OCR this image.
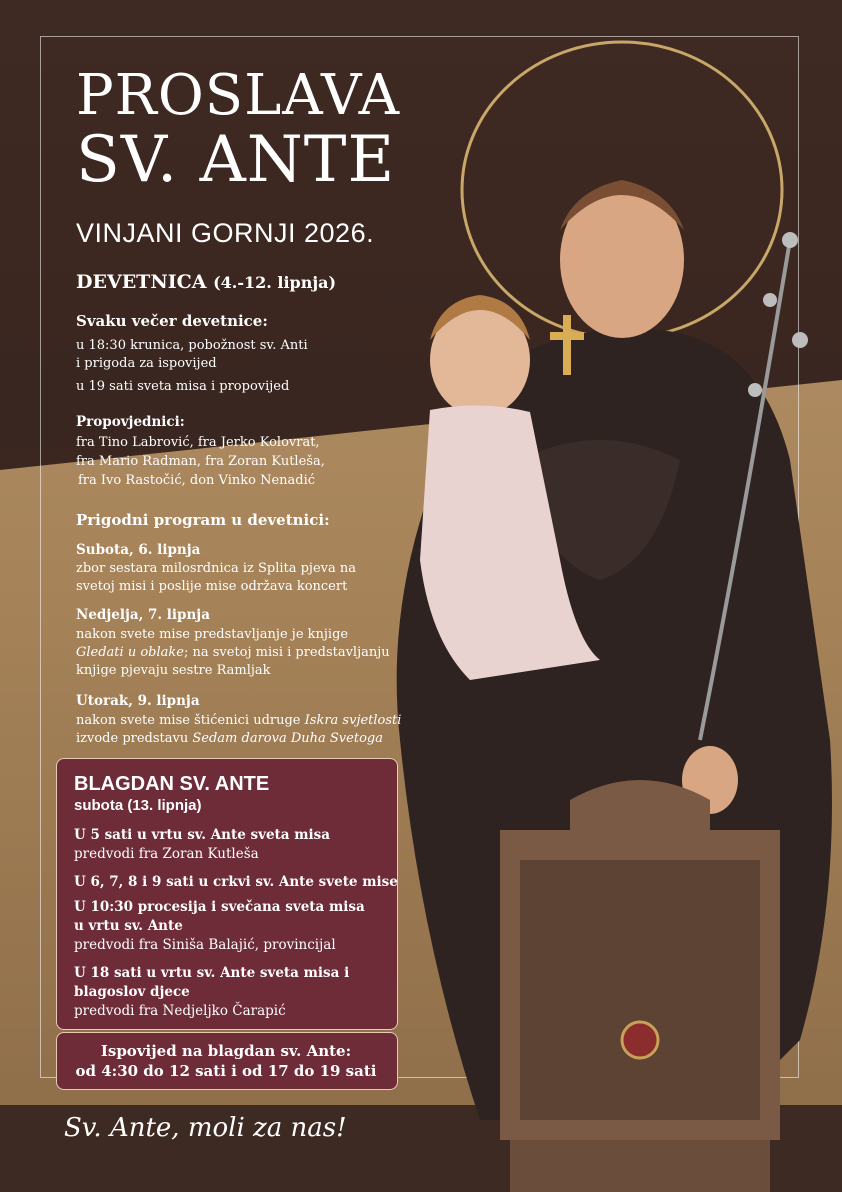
PROSLAVA
SV. ANTE
VINJANI GORNJI 2026.
DEVETNICA (4.-12. lipnja)
Svaku večer devetnice:
u 18:30 krunica, pobožnost sv. Anti
i prigoda za ispovijed
u 19 sati sveta misa i propovijed
Propovjednici:
fra Tino Labrović, fra Jerko Kolovrat,
fra Mario Radman, fra Zoran Kutleša,
fra Ivo Rastočić, don Vinko Nenadić
Prigodni program u devetnici:
Subota, 6. lipnja
zbor sestara milosrdnica iz Splita pjeva na
svetoj misi i poslije mise održava koncert
Nedjelja, 7. lipnja
nakon svete mise predstavljanje je knjige
Gledati u oblake; na svetoj misi i predstavljanju
knjige pjevaju sestre Ramljak
Utorak, 9. lipnja
nakon svete mise štićenici udruge Iskra svjetlosti
izvode predstavu Sedam darova Duha Svetoga
BLAGDAN SV. ANTE
subota (13. lipnja)
U 5 sati u vrtu sv. Ante sveta misa
predvodi fra Zoran Kutleša
U 6, 7, 8 i 9 sati u crkvi sv. Ante svete mise
U 10:30 procesija i svečana sveta misa
u vrtu sv. Ante
predvodi fra Siniša Balajić, provincijal
U 18 sati u vrtu sv. Ante sveta misa i
blagoslov djece
predvodi fra Nedjeljko Čarapić
Ispovijed na blagdan sv. Ante:
od 4:30 do 12 sati i od 17 do 19 sati
Sv. Ante, moli za nas!
